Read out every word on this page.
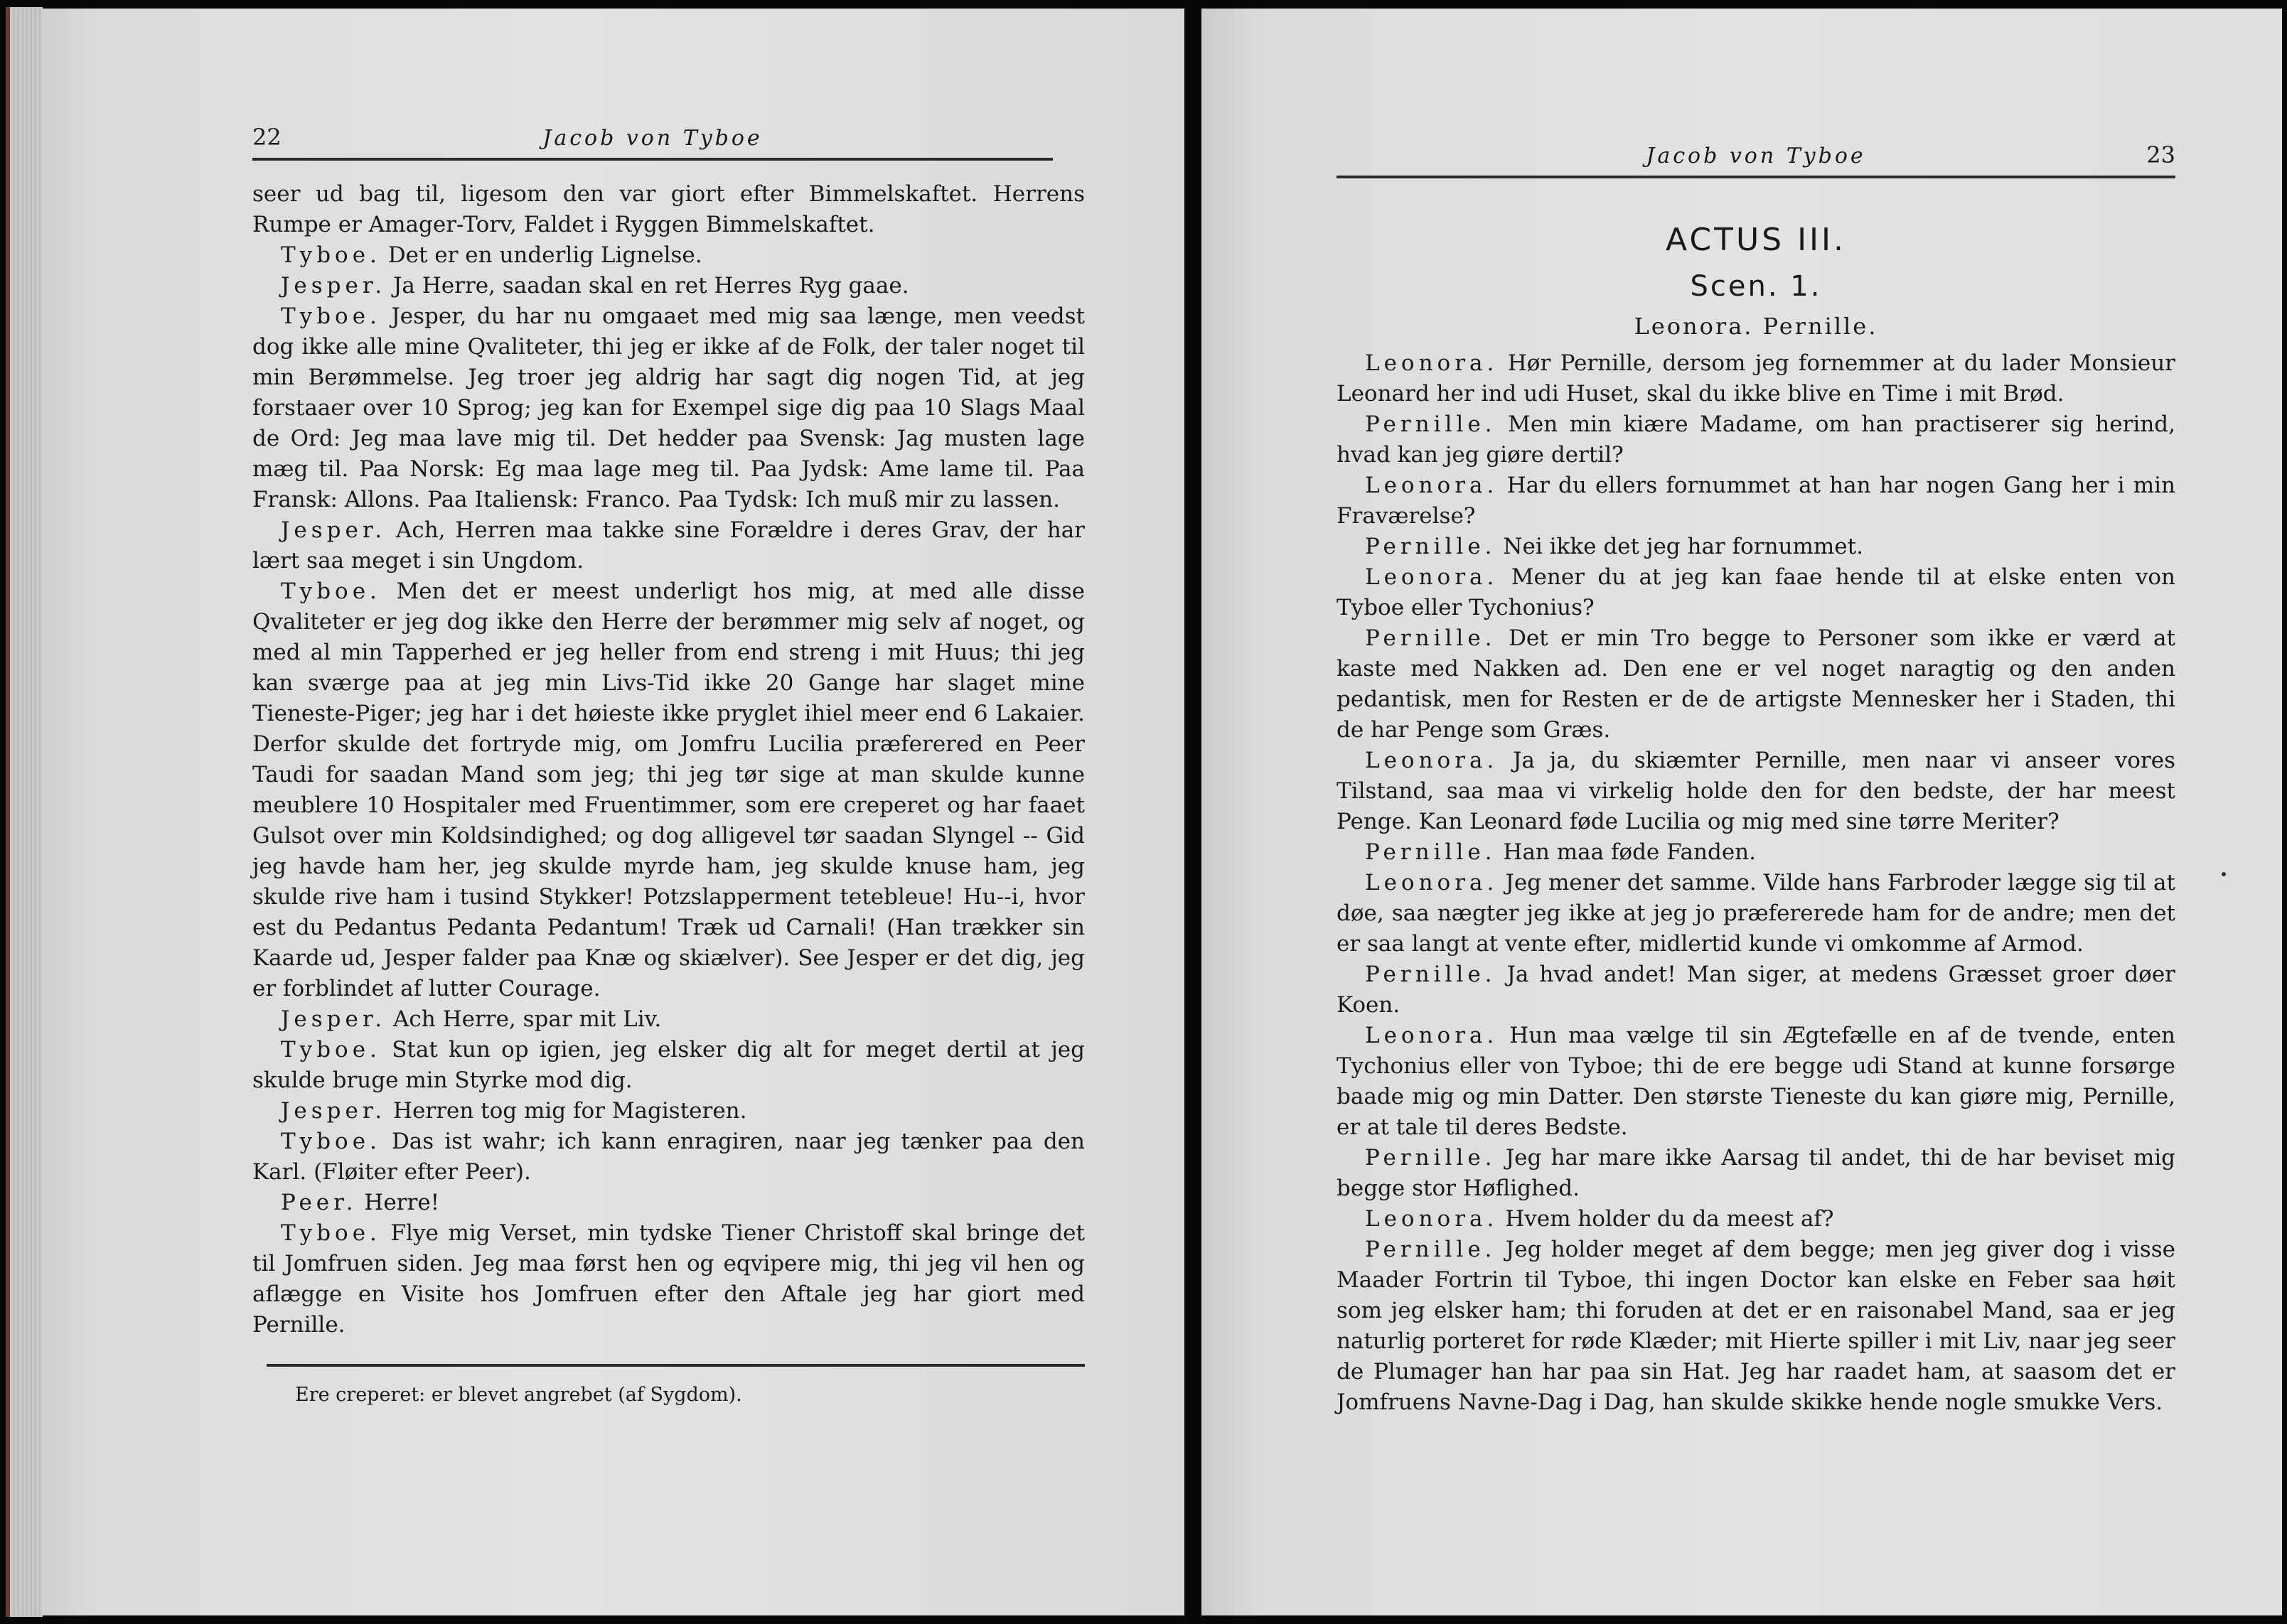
22	Jacob von Tyboe

seer ud bag til, ligesom den var giort efter Bimmelskaftet. Herrens Rumpe er Amager-Torv, Faldet i Ryggen Bimmelskaftet.

Tyboe. Det er en underlig Lignelse.

Jesper. Ja Herre, saadan skal en ret Herres Ryg gaae.

Tyboe. Jesper, du har nu omgaaet med mig saa længe, men veedst dog ikke alle mine Qvaliteter, thi jeg er ikke af de Folk, der taler noget til min Berømmelse. Jeg troer jeg aldrig har sagt dig nogen Tid, at jeg forstaaer over 10 Sprog; jeg kan for Exempel sige dig paa 10 Slags Maal de Ord: Jeg maa lave mig til. Det hedder paa Svensk: Jag musten lage mæg til. Paa Norsk: Eg maa lage meg til. Paa Jydsk: Ame lame til. Paa Fransk: Allons. Paa Italiensk: Franco. Paa Tydsk: Ich muß mir zu lassen.

Jesper. Ach, Herren maa takke sine Forældre i deres Grav, der har lært saa meget i sin Ungdom.

Tyboe. Men det er meest underligt hos mig, at med alle disse Qvaliteter er jeg dog ikke den Herre der berømmer mig selv af noget, og med al min Tapperhed er jeg heller from end streng i mit Huus; thi jeg kan sværge paa at jeg min Livs-Tid ikke 20 Gange har slaget mine Tieneste-Piger; jeg har i det høieste ikke pryglet ihiel meer end 6 Lakaier. Derfor skulde det fortryde mig, om Jomfru Lucilia præferered en Peer Taudi for saadan Mand som jeg; thi jeg tør sige at man skulde kunne meublere 10 Hospitaler med Fruentimmer, som ere creperet og har faaet Gulsot over min Koldsindighed; og dog alligevel tør saadan Slyngel -- Gid jeg havde ham her, jeg skulde myrde ham, jeg skulde knuse ham, jeg skulde rive ham i tusind Stykker! Potzslapperment tetebleue! Hu--i, hvor est du Pedantus Pedanta Pedantum! Træk ud Carnali! (Han trækker sin Kaarde ud, Jesper falder paa Knæ og skiælver). See Jesper er det dig, jeg er forblindet af lutter Courage.

Jesper. Ach Herre, spar mit Liv.

Tyboe. Stat kun op igien, jeg elsker dig alt for meget dertil at jeg skulde bruge min Styrke mod dig.

Jesper. Herren tog mig for Magisteren.

Tyboe. Das ist wahr; ich kann enragiren, naar jeg tænker paa den Karl. (Fløiter efter Peer).

Peer. Herre!

Tyboe. Flye mig Verset, min tydske Tiener Christoff skal bringe det til Jomfruen siden. Jeg maa først hen og eqvipere mig, thi jeg vil hen og aflægge en Visite hos Jomfruen efter den Aftale jeg har giort med Pernille.

Ere creperet: er blevet angrebet (af Sygdom).
Jacob von Tyboe	23
ACTUS III.
Scen. 1.
Leonora. Pernille.

Leonora. Hør Pernille, dersom jeg fornemmer at du lader Monsieur Leonard her ind udi Huset, skal du ikke blive en Time i mit Brød.

Pernille. Men min kiære Madame, om han practiserer sig herind, hvad kan jeg giøre dertil?

Leonora. Har du ellers fornummet at han har nogen Gang her i min Fraværelse?

Pernille. Nei ikke det jeg har fornummet.

Leonora. Mener du at jeg kan faae hende til at elske enten von Tyboe eller Tychonius?

Pernille. Det er min Tro begge to Personer som ikke er værd at kaste med Nakken ad. Den ene er vel noget naragtig og den anden pedantisk, men for Resten er de de artigste Mennesker her i Staden, thi de har Penge som Græs.

Leonora. Ja ja, du skiæmter Pernille, men naar vi anseer vores Tilstand, saa maa vi virkelig holde den for den bedste, der har meest Penge. Kan Leonard føde Lucilia og mig med sine tørre Meriter?

Pernille. Han maa føde Fanden.

Leonora. Jeg mener det samme. Vilde hans Farbroder lægge sig til at døe, saa nægter jeg ikke at jeg jo præfererede ham for de andre; men det er saa langt at vente efter, midlertid kunde vi omkomme af Armod.

Pernille. Ja hvad andet! Man siger, at medens Græsset groer døer Koen.

Leonora. Hun maa vælge til sin Ægtefælle en af de tvende, enten Tychonius eller von Tyboe; thi de ere begge udi Stand at kunne forsørge baade mig og min Datter. Den største Tieneste du kan giøre mig, Pernille, er at tale til deres Bedste.

Pernille. Jeg har mare ikke Aarsag til andet, thi de har beviset mig begge stor Høflighed.

Leonora. Hvem holder du da meest af?

Pernille. Jeg holder meget af dem begge; men jeg giver dog i visse Maader Fortrin til Tyboe, thi ingen Doctor kan elske en Feber saa høit som jeg elsker ham; thi foruden at det er en raisonabel Mand, saa er jeg naturlig porteret for røde Klæder; mit Hierte spiller i mit Liv, naar jeg seer de Plumager han har paa sin Hat. Jeg har raadet ham, at saasom det er Jomfruens Navne-Dag i Dag, han skulde skikke hende nogle smukke Vers.
